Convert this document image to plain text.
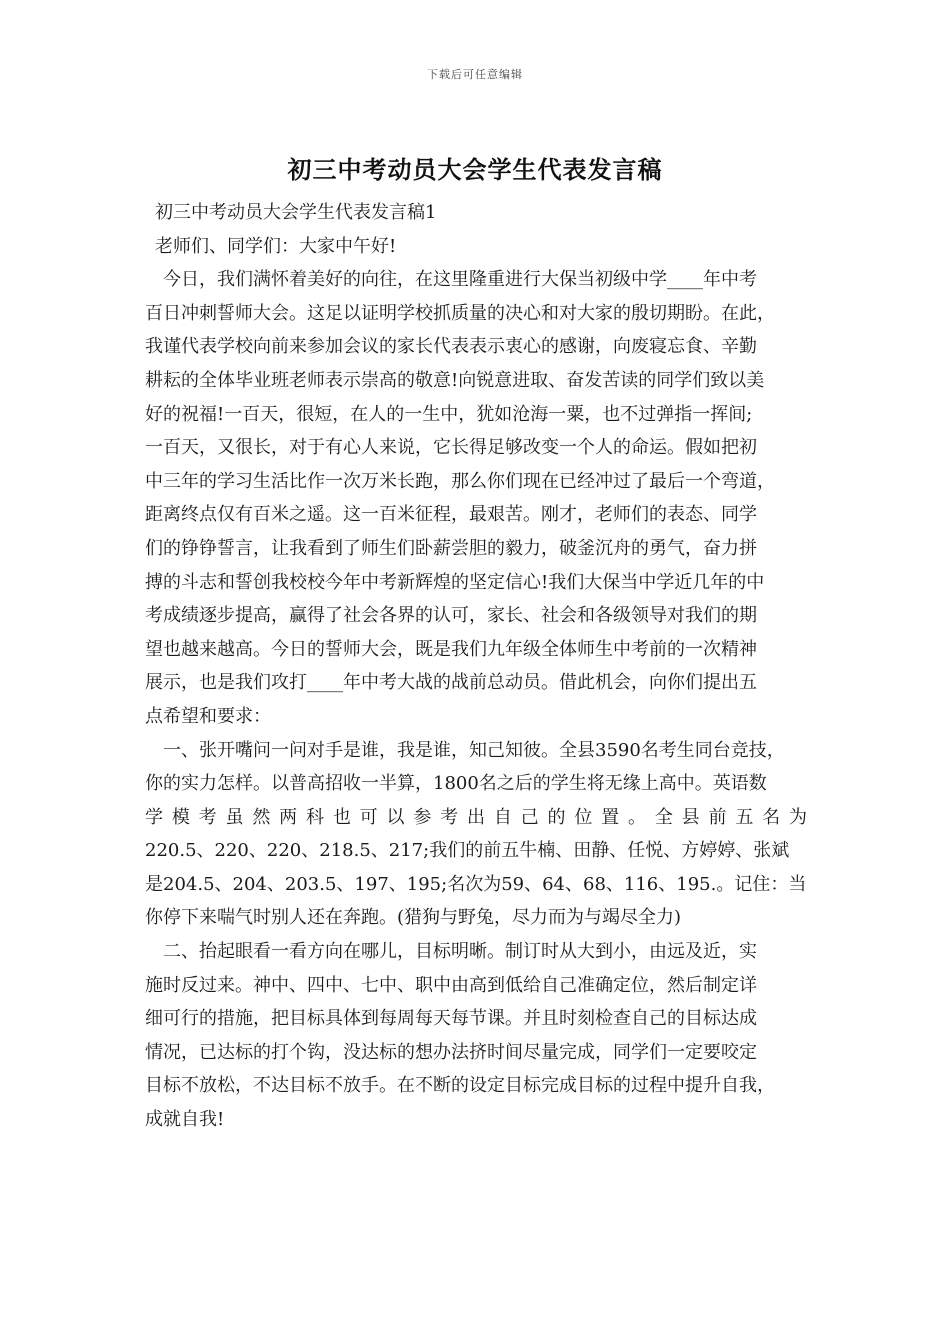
下载后可任意编辑
初三中考动员大会学生代表发言稿
初三中考动员大会学生代表发言稿1
老师们、同学们：大家中午好!
今日，我们满怀着美好的向往，在这里隆重进行大保当初级中学____年中考
百日冲刺誓师大会。这足以证明学校抓质量的决心和对大家的殷切期盼。在此，
我谨代表学校向前来参加会议的家长代表表示衷心的感谢，向废寝忘食、辛勤
耕耘的全体毕业班老师表示崇高的敬意!向锐意进取、奋发苦读的同学们致以美
好的祝福!一百天，很短，在人的一生中，犹如沧海一粟，也不过弹指一挥间;
一百天，又很长，对于有心人来说，它长得足够改变一个人的命运。假如把初
中三年的学习生活比作一次万米长跑，那么你们现在已经冲过了最后一个弯道，
距离终点仅有百米之遥。这一百米征程，最艰苦。刚才，老师们的表态、同学
们的铮铮誓言，让我看到了师生们卧薪尝胆的毅力，破釜沉舟的勇气，奋力拼
搏的斗志和誓创我校校今年中考新辉煌的坚定信心!我们大保当中学近几年的中
考成绩逐步提高，赢得了社会各界的认可，家长、社会和各级领导对我们的期
望也越来越高。今日的誓师大会，既是我们九年级全体师生中考前的一次精神
展示，也是我们攻打____年中考大战的战前总动员。借此机会，向你们提出五
点希望和要求：
一、张开嘴问一问对手是谁，我是谁，知己知彼。全县3590名考生同台竞技，
你的实力怎样。以普高招收一半算，1800名之后的学生将无缘上高中。英语数
学 模 考 虽 然 两 科 也 可 以 参 考 出 自 己 的 位 置 。 全 县 前 五 名 为
220.5、220、220、218.5、217;我们的前五牛楠、田静、任悦、方婷婷、张斌
是204.5、204、203.5、197、195;名次为59、64、68、116、195.。记住：当
你停下来喘气时别人还在奔跑。(猎狗与野兔，尽力而为与竭尽全力)
二、抬起眼看一看方向在哪儿，目标明晰。制订时从大到小，由远及近，实
施时反过来。神中、四中、七中、职中由高到低给自己准确定位，然后制定详
细可行的措施，把目标具体到每周每天每节课。并且时刻检查自己的目标达成
情况，已达标的打个钩，没达标的想办法挤时间尽量完成，同学们一定要咬定
目标不放松，不达目标不放手。在不断的设定目标完成目标的过程中提升自我，
成就自我!
